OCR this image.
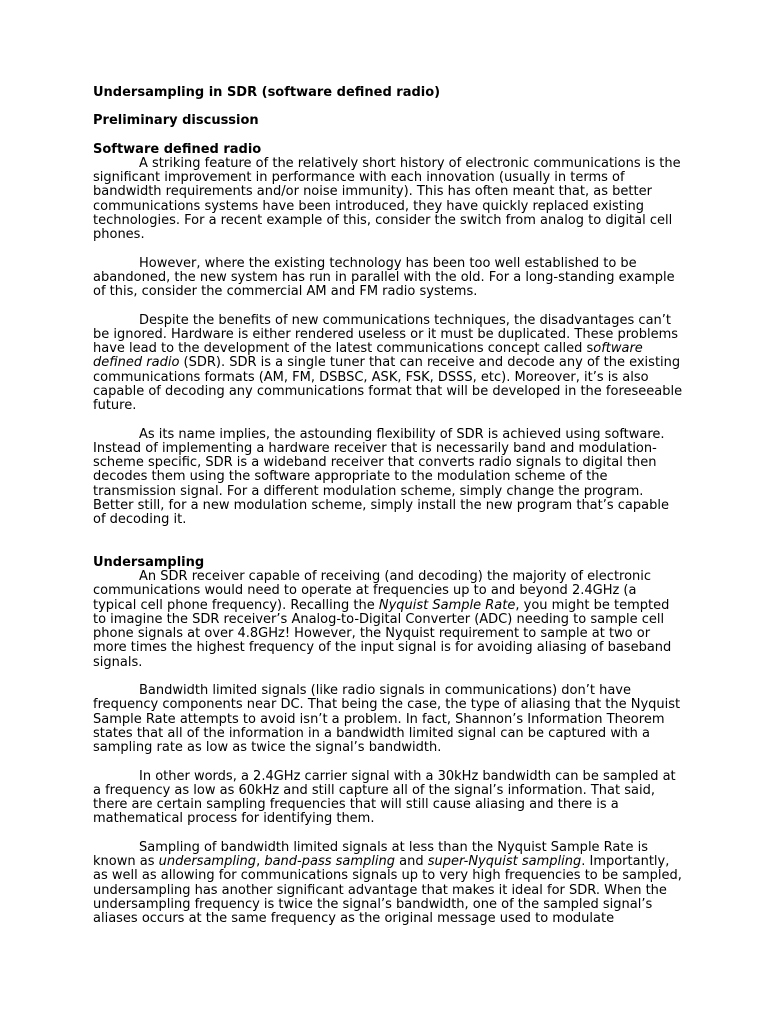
Undersampling in SDR (software defined radio)

Preliminary discussion

Software defined radio

A striking feature of the relatively short history of electronic communications is the significant improvement in performance with each innovation (usually in terms of bandwidth requirements and/or noise immunity). This has often meant that, as better communications systems have been introduced, they have quickly replaced existing technologies. For a recent example of this, consider the switch from analog to digital cell phones.

However, where the existing technology has been too well established to be abandoned, the new system has run in parallel with the old. For a long-standing example of this, consider the commercial AM and FM radio systems.

Despite the benefits of new communications techniques, the disadvantages can’t be ignored. Hardware is either rendered useless or it must be duplicated. These problems have lead to the development of the latest communications concept called software defined radio (SDR). SDR is a single tuner that can receive and decode any of the existing communications formats (AM, FM, DSBSC, ASK, FSK, DSSS, etc). Moreover, it’s is also capable of decoding any communications format that will be developed in the foreseeable future.

As its name implies, the astounding flexibility of SDR is achieved using software. Instead of implementing a hardware receiver that is necessarily band and modulation-scheme specific, SDR is a wideband receiver that converts radio signals to digital then decodes them using the software appropriate to the modulation scheme of the transmission signal. For a different modulation scheme, simply change the program. Better still, for a new modulation scheme, simply install the new program that’s capable of decoding it.

Undersampling

An SDR receiver capable of receiving (and decoding) the majority of electronic communications would need to operate at frequencies up to and beyond 2.4GHz (a typical cell phone frequency). Recalling the Nyquist Sample Rate, you might be tempted to imagine the SDR receiver’s Analog-to-Digital Converter (ADC) needing to sample cell phone signals at over 4.8GHz! However, the Nyquist requirement to sample at two or more times the highest frequency of the input signal is for avoiding aliasing of baseband signals.

Bandwidth limited signals (like radio signals in communications) don’t have frequency components near DC. That being the case, the type of aliasing that the Nyquist Sample Rate attempts to avoid isn’t a problem. In fact, Shannon’s Information Theorem states that all of the information in a bandwidth limited signal can be captured with a sampling rate as low as twice the signal’s bandwidth.

In other words, a 2.4GHz carrier signal with a 30kHz bandwidth can be sampled at a frequency as low as 60kHz and still capture all of the signal’s information. That said, there are certain sampling frequencies that will still cause aliasing and there is a mathematical process for identifying them.

Sampling of bandwidth limited signals at less than the Nyquist Sample Rate is known as undersampling, band-pass sampling and super-Nyquist sampling. Importantly, as well as allowing for communications signals up to very high frequencies to be sampled, undersampling has another significant advantage that makes it ideal for SDR. When the undersampling frequency is twice the signal’s bandwidth, one of the sampled signal’s aliases occurs at the same frequency as the original message used to modulate
